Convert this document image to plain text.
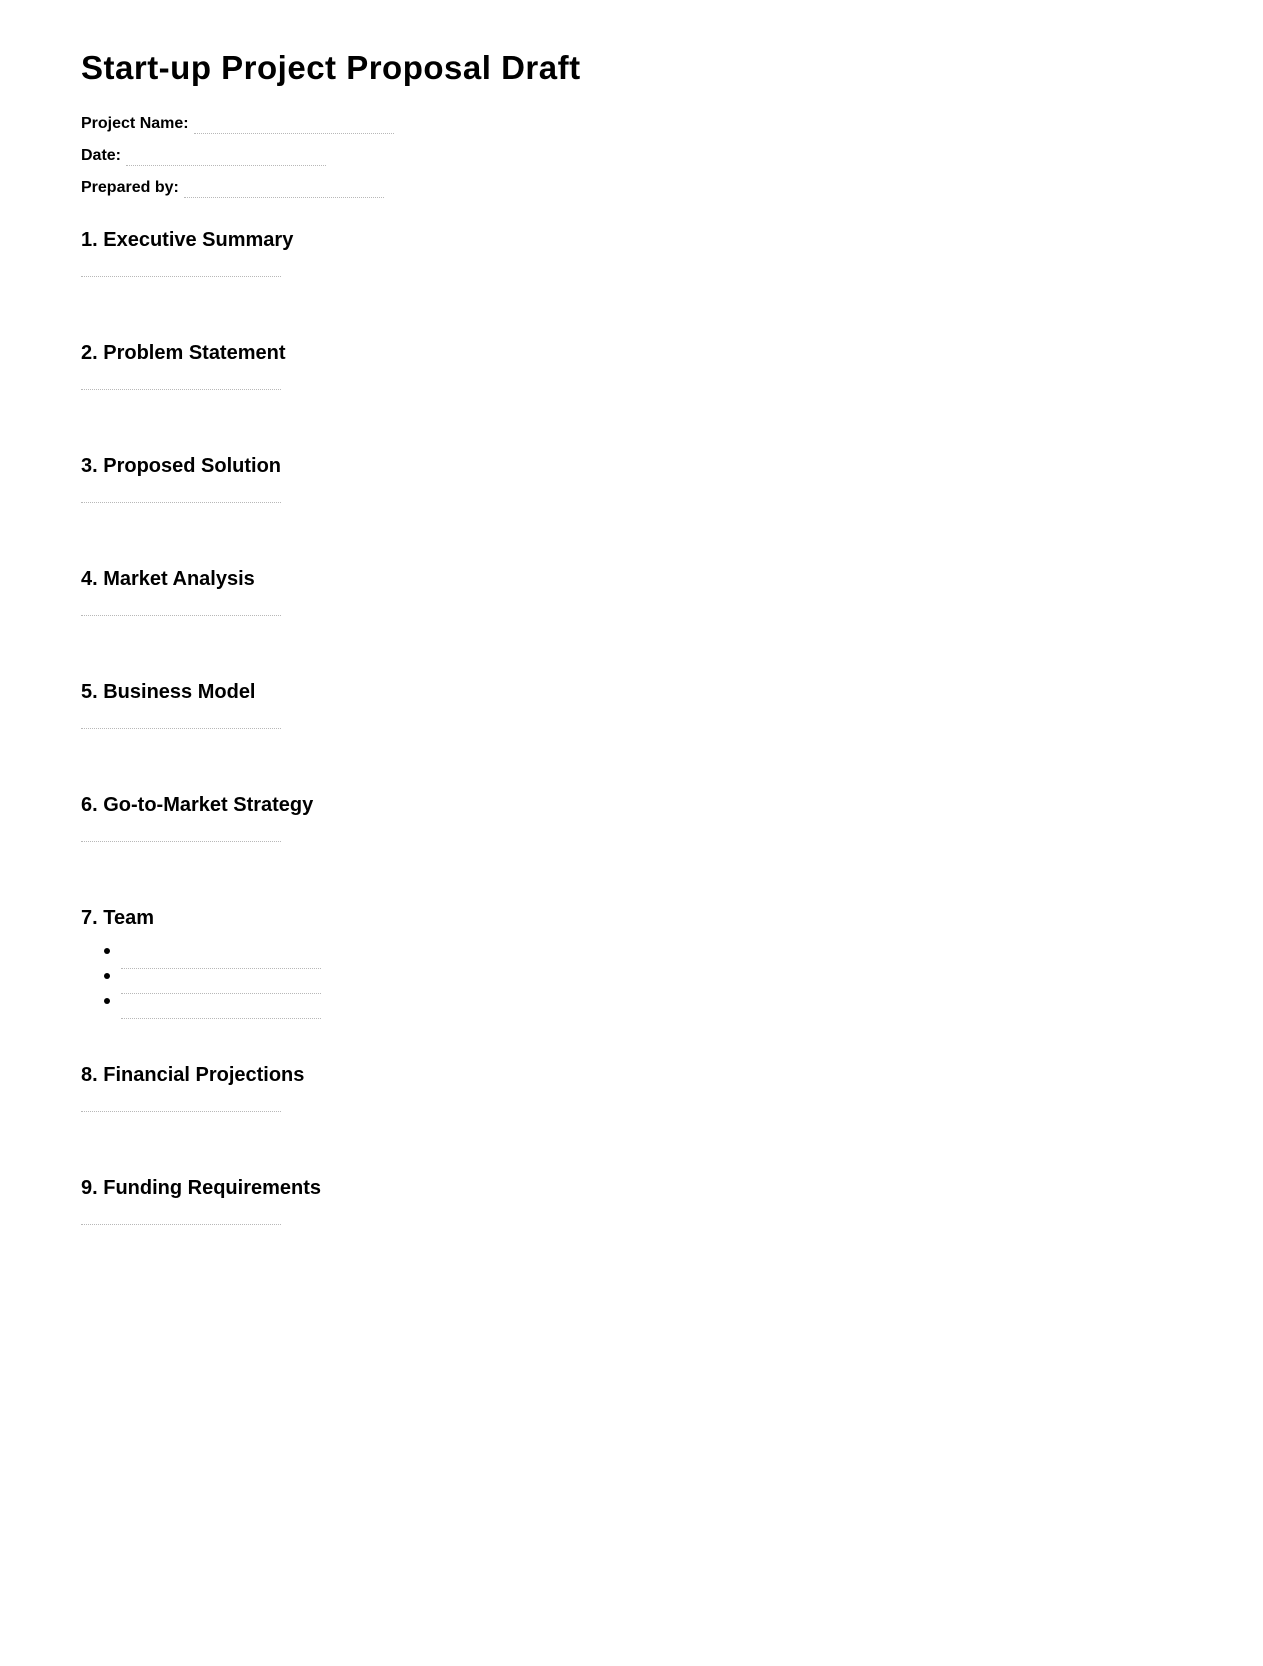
Start-up Project Proposal Draft
Project Name:
Date:
Prepared by:
1. Executive Summary
2. Problem Statement
3. Proposed Solution
4. Market Analysis
5. Business Model
6. Go-to-Market Strategy
7. Team
8. Financial Projections
9. Funding Requirements
